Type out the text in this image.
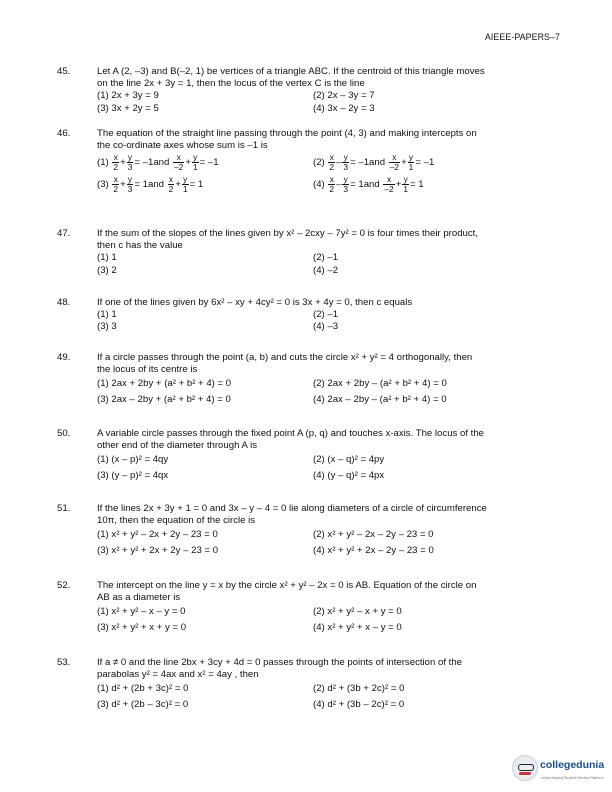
AIEEE-PAPERS–7
45.	Let A (2, –3) and B(–2, 1) be vertices of a triangle ABC. If the centroid of this triangle moves

on the line 2x + 3y = 1, then the locus of the vertex C is the line

(1) 2x + 3y = 9	(2) 2x – 3y = 7
(3) 3x + 2y = 5	(4) 3x – 2y = 3
46.	The equation of the straight line passing through the point (4, 3) and making intercepts on

the co-ordinate axes whose sum is –1 is

$(1) \frac{x}{2} + \frac{y}{3} = -1and \frac{x}{-2} + \frac{y}{1} = -1$	$(2) \frac{x}{2} - \frac{y}{3} = -1and \frac{x}{-2} + \frac{y}{1} = -1$
$(3) \frac{x}{2} + \frac{y}{3} = 1and \frac{x}{2} + \frac{y}{1} = 1$	$(4) \frac{x}{2} - \frac{y}{3} = 1and \frac{x}{-2} + \frac{y}{1} = 1$
47.	If the sum of the slopes of the lines given by x² – 2cxy – 7y² = 0 is four times their product,

then c has the value

(1) 1	(2) –1
(3) 2	(4) –2
48.	If one of the lines given by 6x² – xy + 4cy² = 0 is 3x + 4y = 0, then c equals

(1) 1	(2) –1
(3) 3	(4) –3
49.	If a circle passes through the point (a, b) and cuts the circle x² + y² = 4 orthogonally, then

the locus of its centre is

(1) 2ax + 2by + (a² + b² + 4) = 0	(2) 2ax + 2by – (a² + b² + 4) = 0
(3) 2ax – 2by + (a² + b² + 4) = 0	(4) 2ax – 2by – (a² + b² + 4) = 0
50.	A variable circle passes through the fixed point A (p, q) and touches x-axis. The locus of the

other end of the diameter through A is

(1) (x – p)² = 4qy	(2) (x – q)² = 4py
(3) (y – p)² = 4qx	(4) (y – q)² = 4px
51.	If the lines 2x + 3y + 1 = 0 and 3x – y – 4 = 0 lie along diameters of a circle of circumference

10π, then the equation of the circle is

(1) x² + y² – 2x + 2y – 23 = 0	(2) x² + y² – 2x – 2y – 23 = 0
(3) x² + y² + 2x + 2y – 23 = 0	(4) x² + y² + 2x – 2y – 23 = 0
52.	The intercept on the line y = x by the circle x² + y² – 2x = 0 is AB. Equation of the circle on

AB as a diameter is

(1) x² + y² – x – y = 0	(2) x² + y² – x + y = 0
(3) x² + y² + x + y = 0	(4) x² + y² + x – y = 0
53.	If a ≠ 0 and the line 2bx + 3cy + 4d = 0 passes through the points of intersection of the

parabolas y² = 4ax and x² = 4ay , then

(1) d² + (2b + 3c)² = 0	(2) d² + (3b + 2c)² = 0
(3) d² + (2b – 3c)² = 0	(4) d² + (3b – 2c)² = 0
collegedunia
India's largest Student Review Platform
